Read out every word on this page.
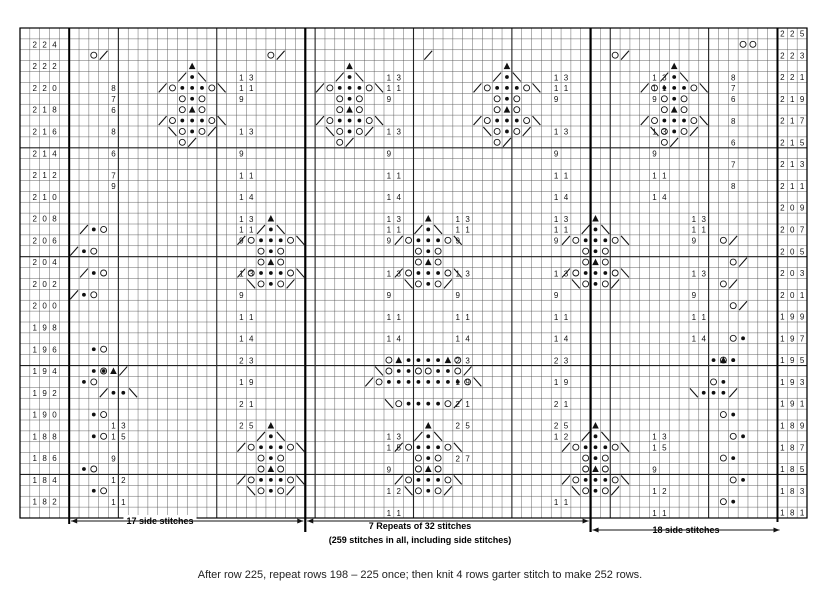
2 2 4
2 2 2
2 2 0
2 1 8
2 1 6
2 1 4
2 1 2
2 1 0
2 0 8
2 0 6
2 0 4
2 0 2
2 0 0
1 9 8
1 9 6
1 9 4
1 9 2
1 9 0
1 8 8
1 8 6
1 8 4
1 8 2
2 2 5
2 2 3
2 2 1
2 1 9
2 1 7
2 1 5
2 1 3
2 1 1
2 0 9
2 0 7
2 0 5
2 0 3
2 0 1
1 9 9
1 9 7
1 9 5
1 9 3
1 9 1
1 8 9
1 8 7
1 8 5
1 8 3
1 8 1
8
7
6
8
6
7
9
1 3
1 5
9
1 2
1 1
1 3
1 1
9
1 3
9
1 1
1 4
1 3
1 1
9
1 3
9
1 1
1 4
2 3
1 9
2 1
2 5
1 3
1 1
9
1 3
9
1 1
1 4
1 3
1 1
9
1 3
9
1 1
1 4
1 3
1 5
9
1 2
1 1
1 3
1 1
9
1 3
9
1 1
1 4
2 3
1 9
2 1
2 5
2 7
1 3
1 1
9
1 3
9
1 1
1 4
1 3
1 1
9
1 3
9
1 1
1 4
1 2
1 1
2 3
1 9
2 1
2 5
1 3
1 1
9
1 3
9
1 1
1 4
1 3
1 5
9
1 2
1 1
1 3
1 1
9
1 3
9
1 1
1 4
8
7
6
8
6
7
8
17 side stitches	7 Repeats of 32 stitches
(259 stitches in all, including side stitches)
18 side stitches
After row 225, repeat rows 198 – 225 once; then knit 4 rows garter stitch to make 252 rows.
